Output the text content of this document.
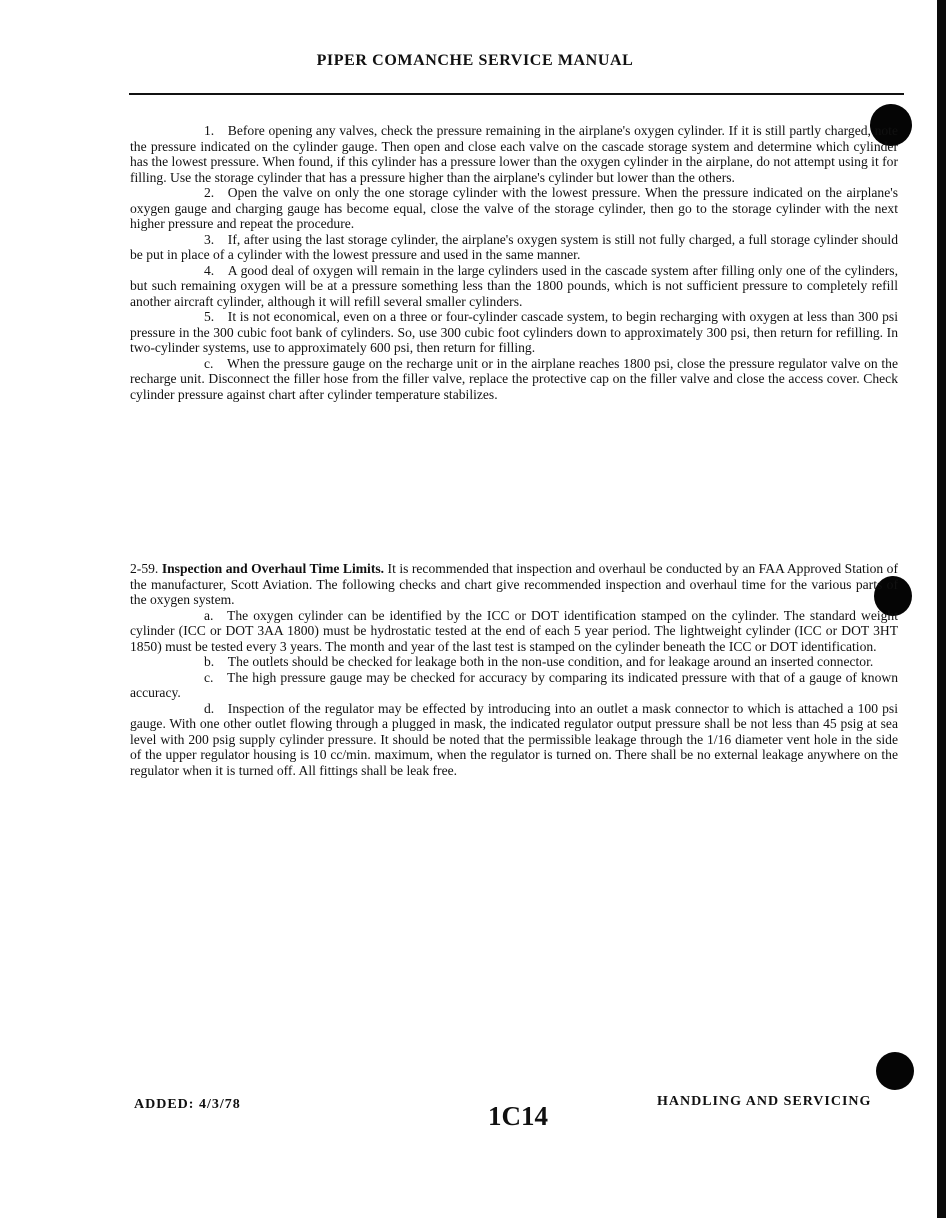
PIPER COMANCHE SERVICE MANUAL

1. Before opening any valves, check the pressure remaining in the airplane's oxygen cylinder. If it is still partly charged, note the pressure indicated on the cylinder gauge. Then open and close each valve on the cascade storage system and determine which cylinder has the lowest pressure. When found, if this cylinder has a pressure lower than the oxygen cylinder in the airplane, do not attempt using it for filling. Use the storage cylinder that has a pressure higher than the airplane's cylinder but lower than the others.

2. Open the valve on only the one storage cylinder with the lowest pressure. When the pressure indicated on the airplane's oxygen gauge and charging gauge has become equal, close the valve of the storage cylinder, then go to the storage cylinder with the next higher pressure and repeat the procedure.

3. If, after using the last storage cylinder, the airplane's oxygen system is still not fully charged, a full storage cylinder should be put in place of a cylinder with the lowest pressure and used in the same manner.

4. A good deal of oxygen will remain in the large cylinders used in the cascade system after filling only one of the cylinders, but such remaining oxygen will be at a pressure something less than the 1800 pounds, which is not sufficient pressure to completely refill another aircraft cylinder, although it will refill several smaller cylinders.

5. It is not economical, even on a three or four-cylinder cascade system, to begin recharging with oxygen at less than 300 psi pressure in the 300 cubic foot bank of cylinders. So, use 300 cubic foot cylinders down to approximately 300 psi, then return for refilling. In two-cylinder systems, use to approximately 600 psi, then return for filling.

c. When the pressure gauge on the recharge unit or in the airplane reaches 1800 psi, close the pressure regulator valve on the recharge unit. Disconnect the filler hose from the filler valve, replace the protective cap on the filler valve and close the access cover. Check cylinder pressure against chart after cylinder temperature stabilizes.

2-59. Inspection and Overhaul Time Limits. It is recommended that inspection and overhaul be conducted by an FAA Approved Station of the manufacturer, Scott Aviation. The following checks and chart give recommended inspection and overhaul time for the various parts of the oxygen system.

a. The oxygen cylinder can be identified by the ICC or DOT identification stamped on the cylinder. The standard weight cylinder (ICC or DOT 3AA 1800) must be hydrostatic tested at the end of each 5 year period. The lightweight cylinder (ICC or DOT 3HT 1850) must be tested every 3 years. The month and year of the last test is stamped on the cylinder beneath the ICC or DOT identification.

b. The outlets should be checked for leakage both in the non-use condition, and for leakage around an inserted connector.

c. The high pressure gauge may be checked for accuracy by comparing its indicated pressure with that of a gauge of known accuracy.

d. Inspection of the regulator may be effected by introducing into an outlet a mask connector to which is attached a 100 psi gauge. With one other outlet flowing through a plugged in mask, the indicated regulator output pressure shall be not less than 45 psig at sea level with 200 psig supply cylinder pressure. It should be noted that the permissible leakage through the 1/16 diameter vent hole in the side of the upper regulator housing is 10 cc/min. maximum, when the regulator is turned on. There shall be no external leakage anywhere on the regulator when it is turned off. All fittings shall be leak free.

ADDED: 4/3/78	1C14	HANDLING AND SERVICING
